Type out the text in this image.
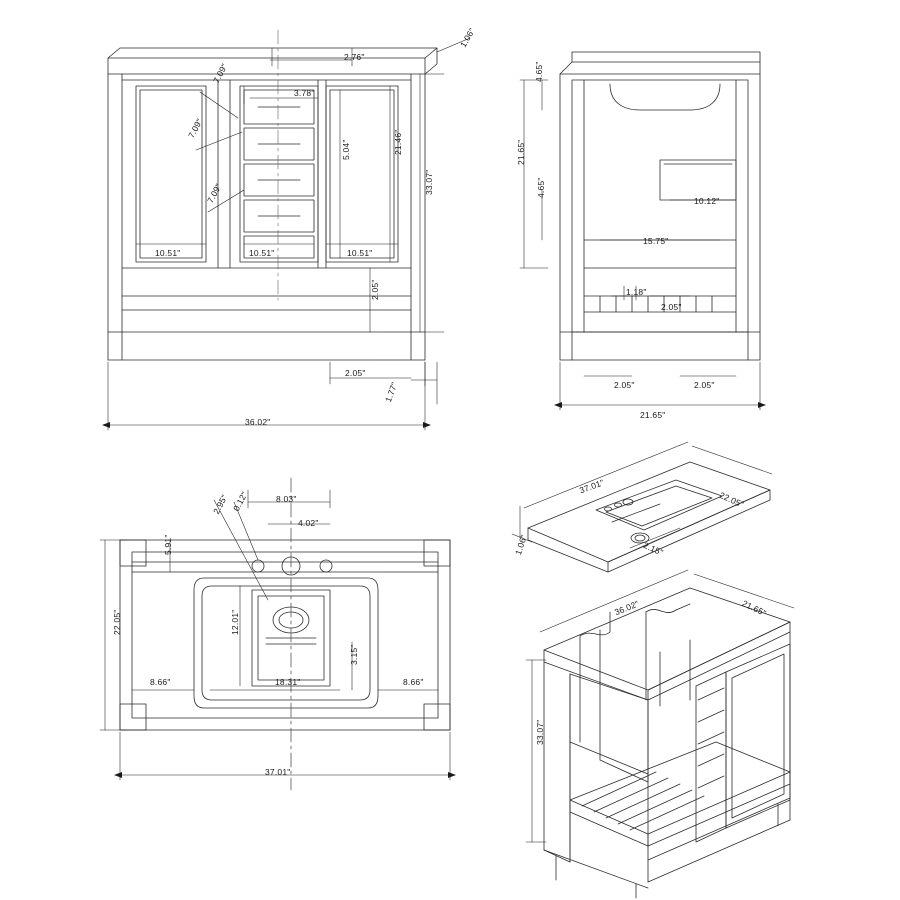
2.76"
1.06"
7.09"
3.78"
7.09"
5.04"	21.46"
33.07"
7.09"
10.51"	10.51"	10.51"
2.05"
2.05"
1.77"
36.02"
4.65"
21.65"
10.12"
15.75"
4.65"
1.18"
2.05"
2.05"	2.05"
21.65"
8.03"
2.95" 0.12"
4.02"
5.91"
22.05"	12.01"
8.66"	18.31"
3.15"
8.66"
37.01"
37.01"
22.05"
2.15"
1.06"
36.02"	21.65"
33.07"
